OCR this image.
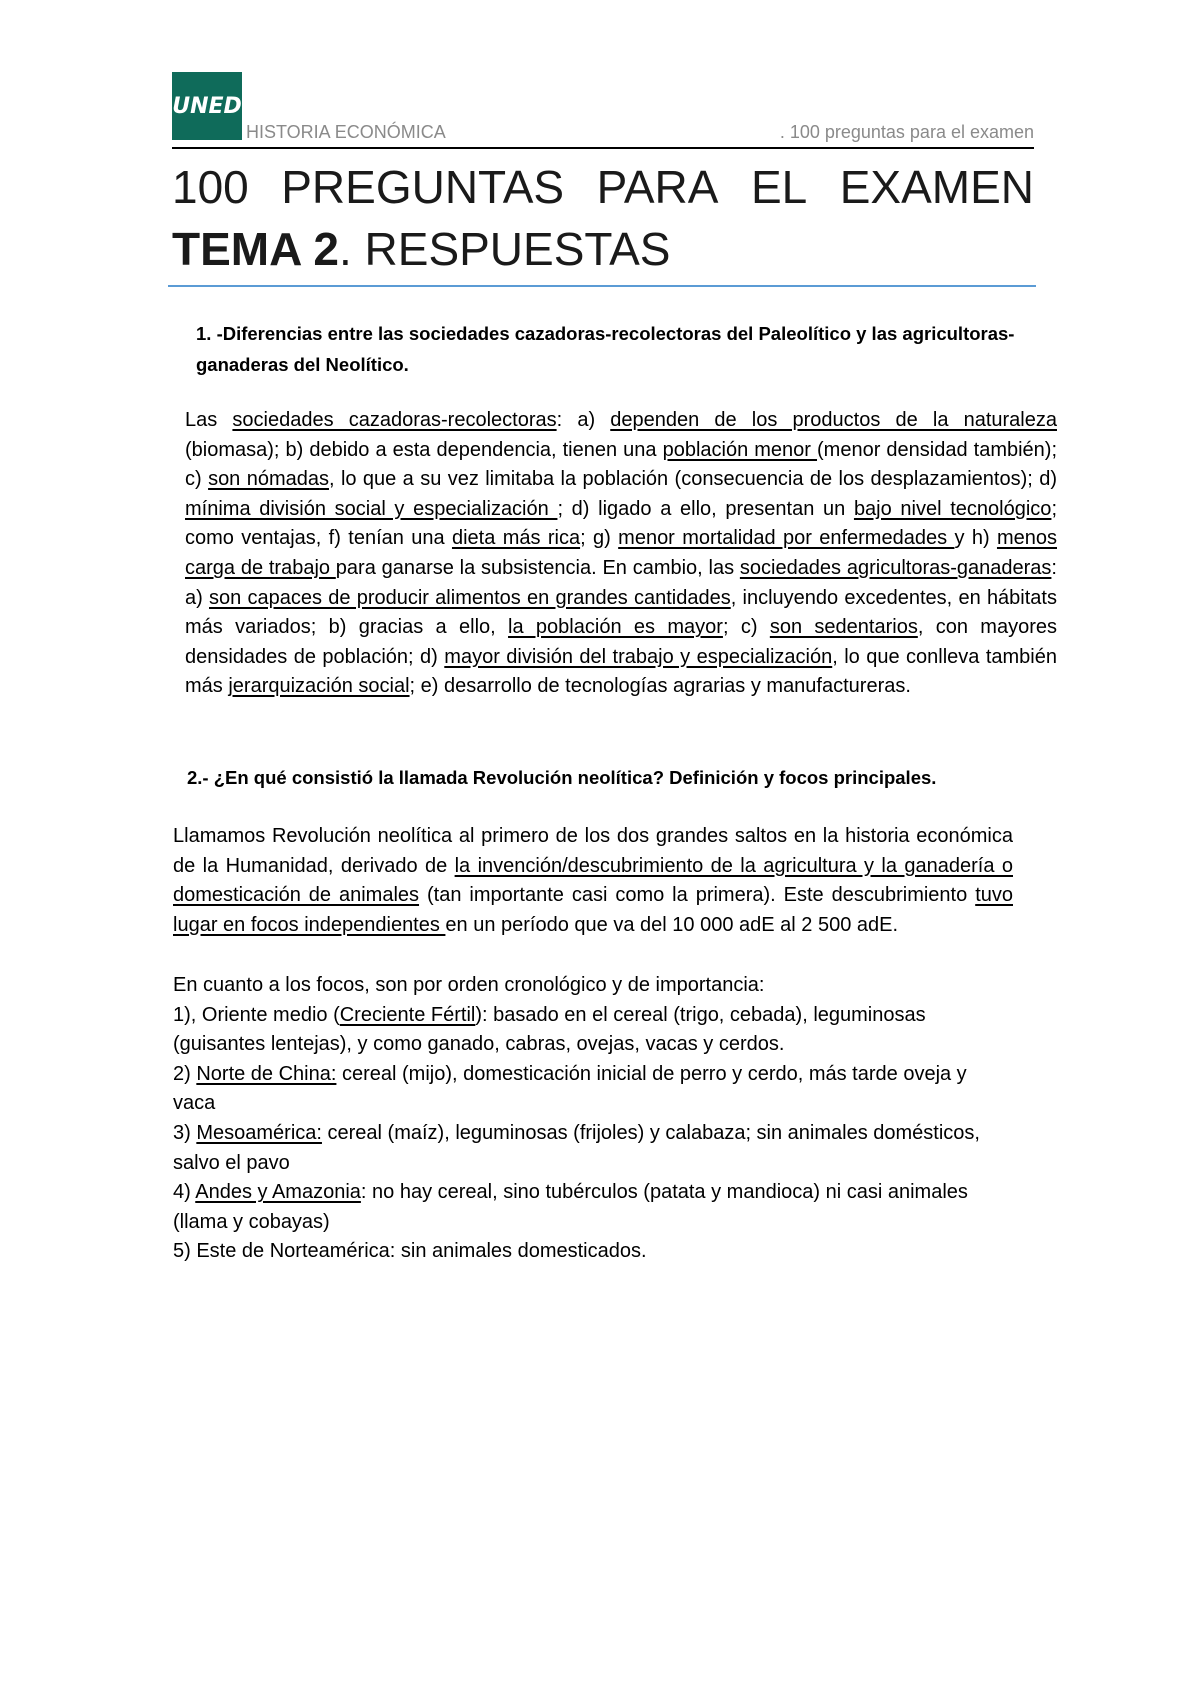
UNED
HISTORIA ECONÓMICA	. 100 preguntas para el examen
100 PREGUNTAS PARA EL EXAMEN
TEMA 2. RESPUESTAS
1. -Diferencias entre las sociedades cazadoras-recolectoras del Paleolítico y las agricultoras-ganaderas del Neolítico.
Las sociedades cazadoras-recolectoras: a) dependen de los productos de la naturaleza (biomasa); b) debido a esta dependencia, tienen una población menor (menor densidad también); c) son nómadas, lo que a su vez limitaba la población (consecuencia de los desplazamientos); d) mínima división social y especialización ; d) ligado a ello, presentan un bajo nivel tecnológico; como ventajas, f) tenían una dieta más rica; g) menor mortalidad por enfermedades y h) menos carga de trabajo para ganarse la subsistencia. En cambio, las sociedades agricultoras-ganaderas: a) son capaces de producir alimentos en grandes cantidades, incluyendo excedentes, en hábitats más variados; b) gracias a ello, la población es mayor; c) son sedentarios, con mayores densidades de población; d) mayor división del trabajo y especialización, lo que conlleva también más jerarquización social; e) desarrollo de tecnologías agrarias y manufactureras.
2.- ¿En qué consistió la llamada Revolución neolítica? Definición y focos principales.
Llamamos Revolución neolítica al primero de los dos grandes saltos en la historia económica de la Humanidad, derivado de la invención/descubrimiento de la agricultura y la ganadería o domesticación de animales (tan importante casi como la primera). Este descubrimiento tuvo lugar en focos independientes en un período que va del 10 000 adE al 2 500 adE.
En cuanto a los focos, son por orden cronológico y de importancia:
1), Oriente medio (Creciente Fértil): basado en el cereal (trigo, cebada), leguminosas (guisantes lentejas), y como ganado, cabras, ovejas, vacas y cerdos.
2) Norte de China: cereal (mijo), domesticación inicial de perro y cerdo, más tarde oveja y vaca
3) Mesoamérica: cereal (maíz), leguminosas (frijoles) y calabaza; sin animales domésticos, salvo el pavo
4) Andes y Amazonia: no hay cereal, sino tubérculos (patata y mandioca) ni casi animales (llama y cobayas)
5) Este de Norteamérica: sin animales domesticados.
